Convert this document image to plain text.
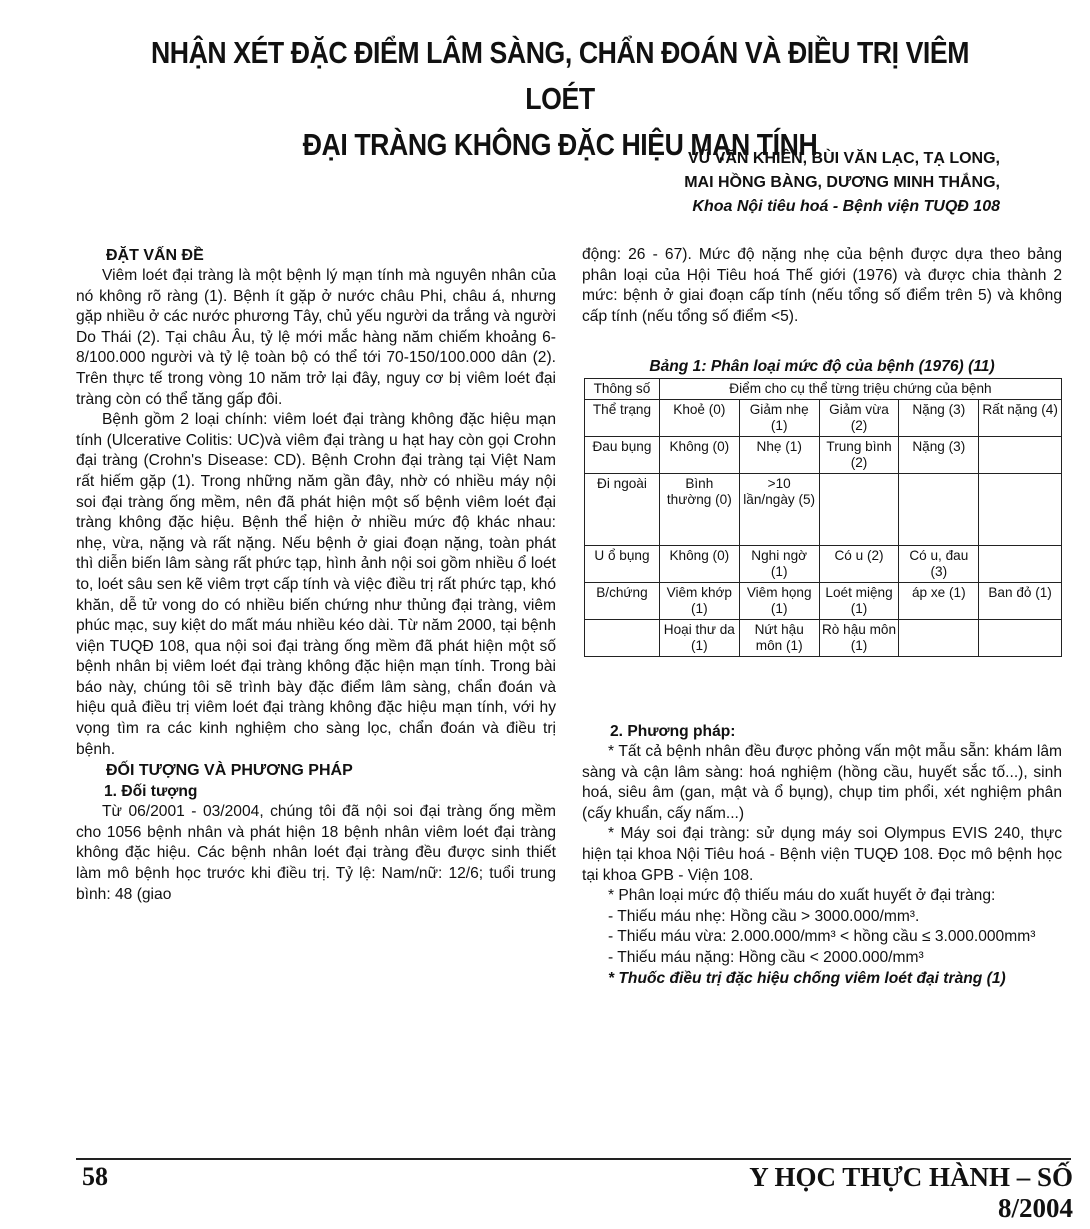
NHẬN XÉT ĐẶC ĐIỂM LÂM SÀNG, CHẨN ĐOÁN VÀ ĐIỀU TRỊ VIÊM LOÉT
ĐẠI TRÀNG KHÔNG ĐẶC HIỆU MẠN TÍNH
VŨ VĂN KHIÊN, BÙI VĂN LẠC, TẠ LONG,
MAI HỒNG BÀNG, DƯƠNG MINH THẮNG,
Khoa Nội tiêu hoá - Bệnh viện TUQĐ 108
ĐẶT VẤN ĐỀ

Viêm loét đại tràng là một bệnh lý mạn tính mà nguyên nhân của nó không rõ ràng (1). Bệnh ít gặp ở nước châu Phi, châu á, nhưng gặp nhiều ở các nước phương Tây, chủ yếu người da trắng và người Do Thái (2). Tại châu Âu, tỷ lệ mới mắc hàng năm chiếm khoảng 6-8/100.000 người và tỷ lệ toàn bộ có thể tới 70-150/100.000 dân (2). Trên thực tế trong vòng 10 năm trở lại đây, nguy cơ bị viêm loét đại tràng còn có thể tăng gấp đôi.

Bệnh gồm 2 loại chính: viêm loét đại tràng không đặc hiệu mạn tính (Ulcerative Colitis: UC)và viêm đại tràng u hạt hay còn gọi Crohn đại tràng (Crohn's Disease: CD). Bệnh Crohn đại tràng tại Việt Nam rất hiếm gặp (1). Trong những năm gần đây, nhờ có nhiều máy nội soi đại tràng ống mềm, nên đã phát hiện một số bệnh viêm loét đại tràng không đặc hiệu. Bệnh thể hiện ở nhiều mức độ khác nhau: nhẹ, vừa, nặng và rất nặng. Nếu bệnh ở giai đoạn nặng, toàn phát thì diễn biến lâm sàng rất phức tạp, hình ảnh nội soi gồm nhiều ổ loét to, loét sâu sen kẽ viêm trợt cấp tính và việc điều trị rất phức tạp, khó khăn, dễ tử vong do có nhiều biến chứng như thủng đại tràng, viêm phúc mạc, suy kiệt do mất máu nhiều kéo dài. Từ năm 2000, tại bệnh viện TUQĐ 108, qua nội soi đại tràng ống mềm đã phát hiện một số bệnh nhân bị viêm loét đại tràng không đặc hiện mạn tính. Trong bài báo này, chúng tôi sẽ trình bày đặc điểm lâm sàng, chẩn đoán và hiệu quả điều trị viêm loét đại tràng không đặc hiệu mạn tính, với hy vọng tìm ra các kinh nghiệm cho sàng lọc, chẩn đoán và điều trị bệnh.

ĐỐI TƯỢNG VÀ PHƯƠNG PHÁP
1. Đối tượng

Từ 06/2001 - 03/2004, chúng tôi đã nội soi đại tràng ống mềm cho 1056 bệnh nhân và phát hiện 18 bệnh nhân viêm loét đại tràng không đặc hiệu. Các bệnh nhân loét đại tràng đều được sinh thiết làm mô bệnh học trước khi điều trị. Tỷ lệ: Nam/nữ: 12/6; tuổi trung bình: 48 (giao

động: 26 - 67). Mức độ nặng nhẹ của bệnh được dựa theo bảng phân loại của Hội Tiêu hoá Thế giới (1976) và được chia thành 2 mức: bệnh ở giai đoạn cấp tính (nếu tổng số điểm trên 5) và không cấp tính (nếu tổng số điểm <5).

Bảng 1: Phân loại mức độ của bệnh (1976) (11)
Thông số	Điểm cho cụ thể từng triệu chứng của bệnh				
Thể trạng	Khoẻ (0)	Giảm nhẹ (1)	Giảm vừa (2)	Nặng (3)	Rất nặng (4)
Đau bụng	Không (0)	Nhẹ (1)	Trung bình (2)	Nặng (3)	
Đi ngoài	Bình thường (0)	>10 lần/ngày (5)			
U ổ bụng	Không (0)	Nghi ngờ (1)	Có u (2)	Có u, đau (3)	
B/chứng	Viêm khớp (1)	Viêm họng (1)	Loét miệng (1)	áp xe (1)	Ban đỏ (1)
	Hoại thư da (1)	Nứt hậu môn (1)	Rò hậu môn (1)		
2. Phương pháp:

* Tất cả bệnh nhân đều được phỏng vấn một mẫu sẵn: khám lâm sàng và cận lâm sàng: hoá nghiệm (hồng cầu, huyết sắc tố...), sinh hoá, siêu âm (gan, mật và ổ bụng), chụp tim phổi, xét nghiệm phân (cấy khuẩn, cấy nấm...)

* Máy soi đại tràng: sử dụng máy soi Olympus EVIS 240, thực hiện tại khoa Nội Tiêu hoá - Bệnh viện TUQĐ 108. Đọc mô bệnh học tại khoa GPB - Viện 108.

* Phân loại mức độ thiếu máu do xuất huyết ở đại tràng:

- Thiếu máu nhẹ: Hồng cầu > 3000.000/mm³.

- Thiếu máu vừa: 2.000.000/mm³ < hồng cầu ≤ 3.000.000mm³

- Thiếu máu nặng: Hồng cầu < 2000.000/mm³

* Thuốc điều trị đặc hiệu chống viêm loét đại tràng (1)

58	Y HỌC THỰC HÀNH – SỐ 8/2004
